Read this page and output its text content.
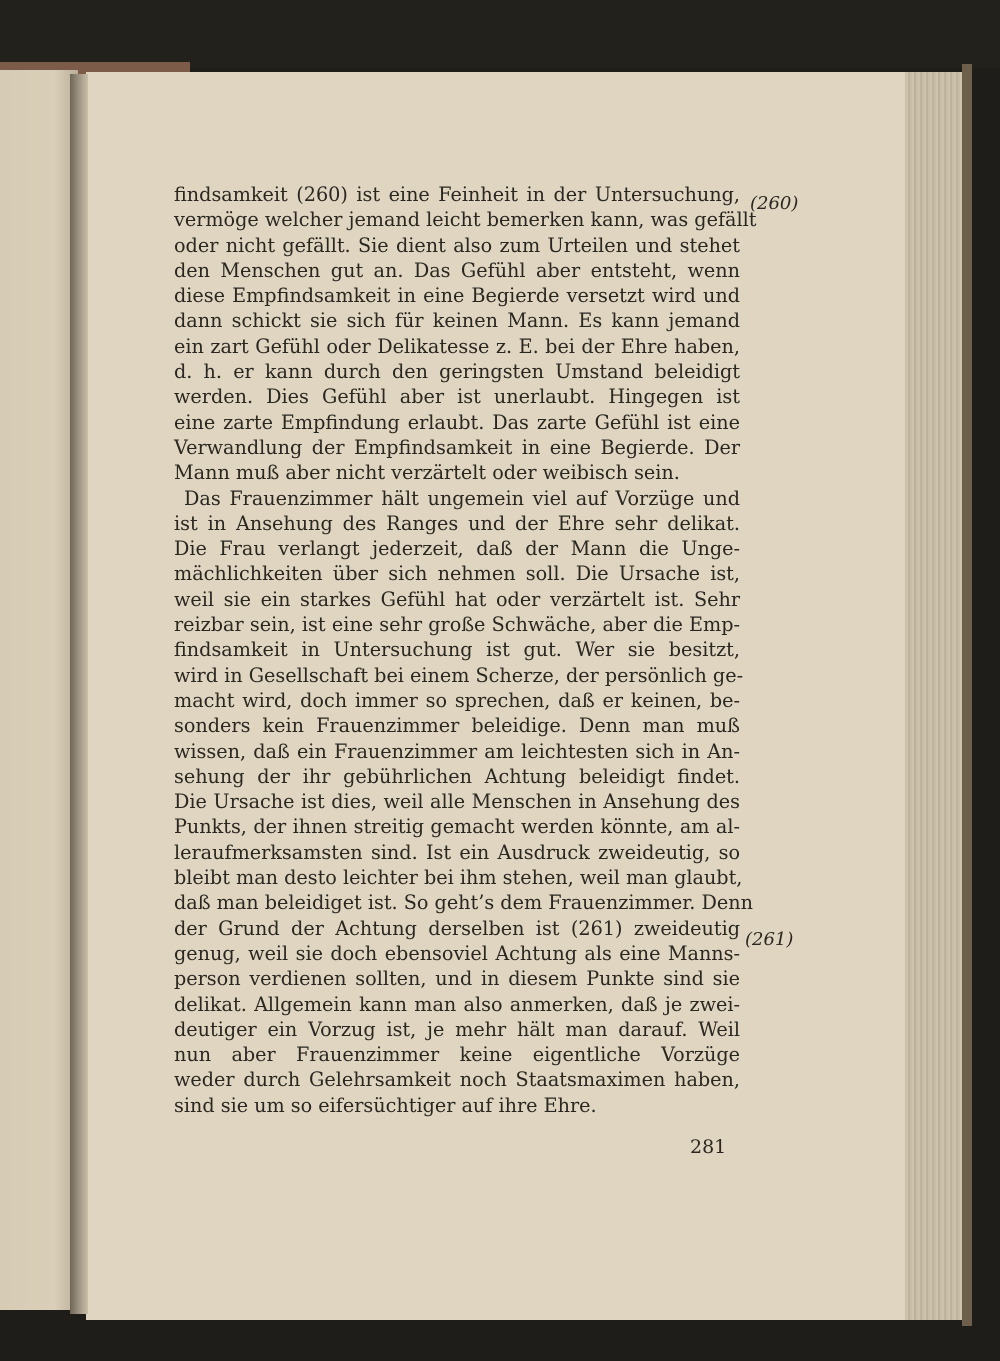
findsamkeit (260) ist eine Feinheit in der Untersuchung,
vermöge welcher jemand leicht bemerken kann, was gefällt
oder nicht gefällt. Sie dient also zum Urteilen und stehet
den Menschen gut an. Das Gefühl aber entsteht, wenn
diese Empfindsamkeit in eine Begierde versetzt wird und
dann schickt sie sich für keinen Mann. Es kann jemand
ein zart Gefühl oder Delikatesse z. E. bei der Ehre haben,
d. h. er kann durch den geringsten Umstand beleidigt
werden. Dies Gefühl aber ist unerlaubt. Hingegen ist
eine zarte Empfindung erlaubt. Das zarte Gefühl ist eine
Verwandlung der Empfindsamkeit in eine Begierde. Der
Mann muß aber nicht verzärtelt oder weibisch sein.
Das Frauenzimmer hält ungemein viel auf Vorzüge und
ist in Ansehung des Ranges und der Ehre sehr delikat.
Die Frau verlangt jederzeit, daß der Mann die Unge-
mächlichkeiten über sich nehmen soll. Die Ursache ist,
weil sie ein starkes Gefühl hat oder verzärtelt ist. Sehr
reizbar sein, ist eine sehr große Schwäche, aber die Emp-
findsamkeit in Untersuchung ist gut. Wer sie besitzt,
wird in Gesellschaft bei einem Scherze, der persönlich ge-
macht wird, doch immer so sprechen, daß er keinen, be-
sonders kein Frauenzimmer beleidige. Denn man muß
wissen, daß ein Frauenzimmer am leichtesten sich in An-
sehung der ihr gebührlichen Achtung beleidigt findet.
Die Ursache ist dies, weil alle Menschen in Ansehung des
Punkts, der ihnen streitig gemacht werden könnte, am al-
leraufmerksamsten sind. Ist ein Ausdruck zweideutig, so
bleibt man desto leichter bei ihm stehen, weil man glaubt,
daß man beleidiget ist. So geht’s dem Frauenzimmer. Denn
der Grund der Achtung derselben ist (261) zweideutig
genug, weil sie doch ebensoviel Achtung als eine Manns-
person verdienen sollten, und in diesem Punkte sind sie
delikat. Allgemein kann man also anmerken, daß je zwei-
deutiger ein Vorzug ist, je mehr hält man darauf. Weil
nun aber Frauenzimmer keine eigentliche Vorzüge
weder durch Gelehrsamkeit noch Staatsmaximen haben,
sind sie um so eifersüchtiger auf ihre Ehre.
(260)
(261)
281
